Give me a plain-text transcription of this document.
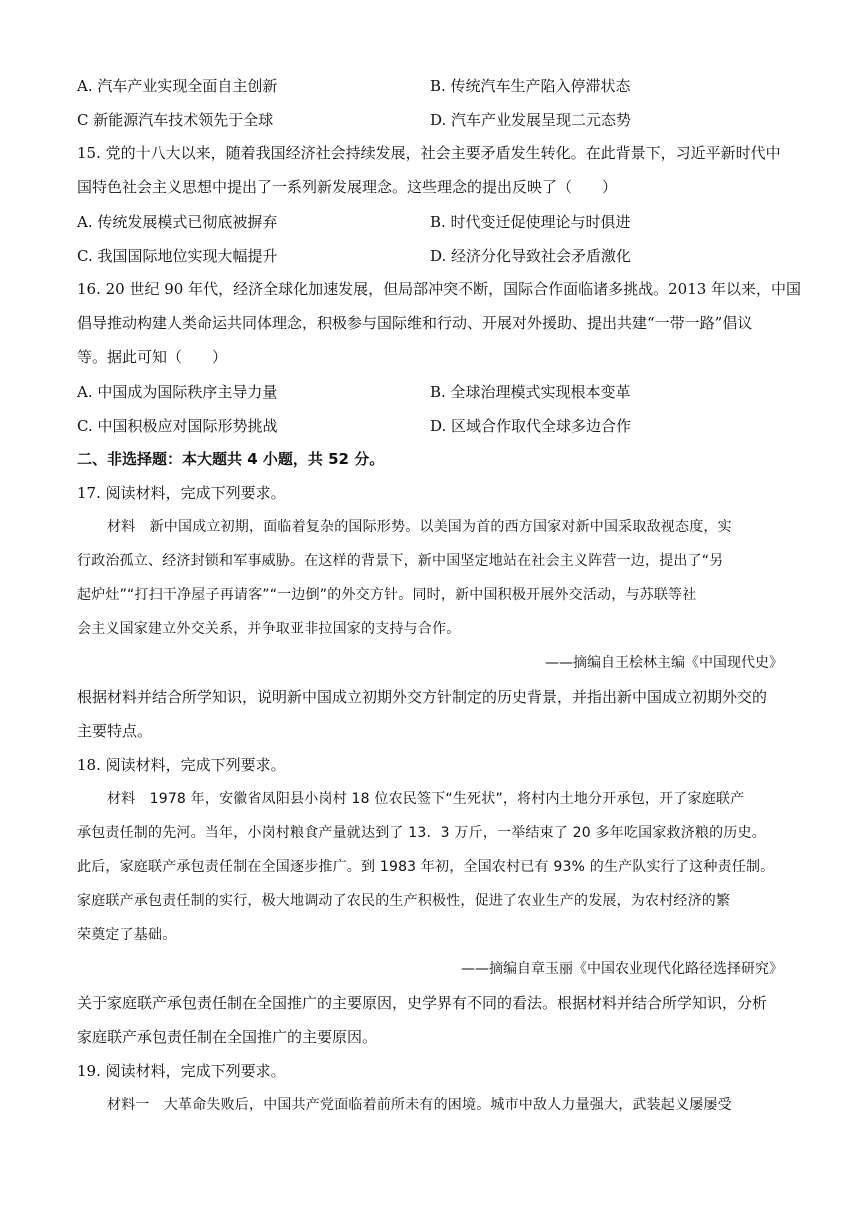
A. 汽车产业实现全面自主创新	B. 传统汽车生产陷入停滞状态
C 新能源汽车技术领先于全球	D. 汽车产业发展呈现二元态势
15. 党的十八大以来，随着我国经济社会持续发展，社会主要矛盾发生转化。在此背景下，习近平新时代中
国特色社会主义思想中提出了一系列新发展理念。这些理念的提出反映了（　　）
A. 传统发展模式已彻底被摒弃	B. 时代变迁促使理论与时俱进
C. 我国国际地位实现大幅提升	D. 经济分化导致社会矛盾激化
16. 20 世纪 90 年代，经济全球化加速发展，但局部冲突不断，国际合作面临诸多挑战。2013 年以来，中国
倡导推动构建人类命运共同体理念，积极参与国际维和行动、开展对外援助、提出共建“一带一路”倡议
等。据此可知（　　）
A. 中国成为国际秩序主导力量	B. 全球治理模式实现根本变革
C. 中国积极应对国际形势挑战	D. 区域合作取代全球多边合作
二、非选择题：本大题共 4 小题，共 52 分。
17. 阅读材料，完成下列要求。
材料　新中国成立初期，面临着复杂的国际形势。以美国为首的西方国家对新中国采取敌视态度，实
行政治孤立、经济封锁和军事威胁。在这样的背景下，新中国坚定地站在社会主义阵营一边，提出了“另
起炉灶”“打扫干净屋子再请客”“一边倒”的外交方针。同时，新中国积极开展外交活动，与苏联等社
会主义国家建立外交关系，并争取亚非拉国家的支持与合作。
——摘编自王桧林主编《中国现代史》
根据材料并结合所学知识，说明新中国成立初期外交方针制定的历史背景，并指出新中国成立初期外交的
主要特点。
18. 阅读材料，完成下列要求。
材料　1978 年，安徽省凤阳县小岗村 18 位农民签下“生死状”，将村内土地分开承包，开了家庭联产
承包责任制的先河。当年，小岗村粮食产量就达到了 13．3 万斤，一举结束了 20 多年吃国家救济粮的历史。
此后，家庭联产承包责任制在全国逐步推广。到 1983 年初，全国农村已有 93% 的生产队实行了这种责任制。
家庭联产承包责任制的实行，极大地调动了农民的生产积极性，促进了农业生产的发展，为农村经济的繁
荣奠定了基础。
——摘编自章玉丽《中国农业现代化路径选择研究》
关于家庭联产承包责任制在全国推广的主要原因，史学界有不同的看法。根据材料并结合所学知识，分析
家庭联产承包责任制在全国推广的主要原因。
19. 阅读材料，完成下列要求。
材料一　大革命失败后，中国共产党面临着前所未有的困境。城市中敌人力量强大，武装起义屡屡受
